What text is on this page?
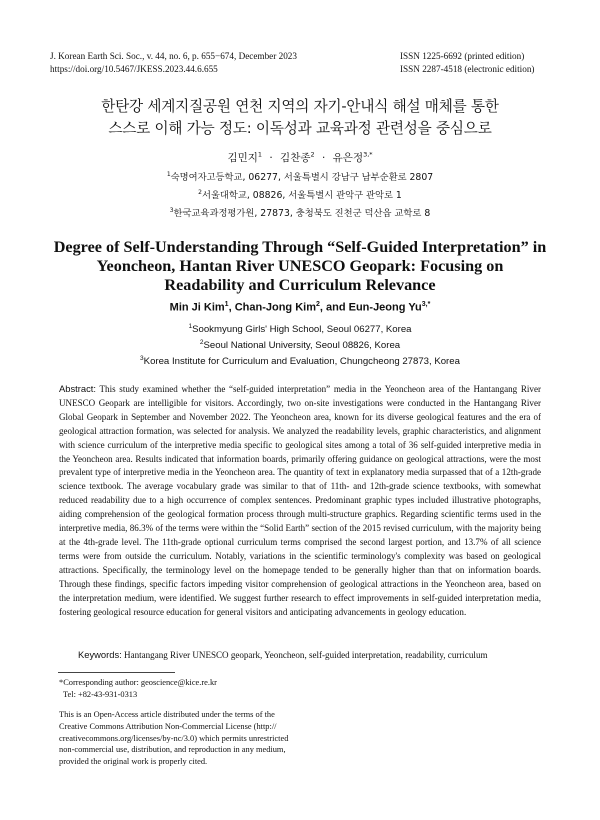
J. Korean Earth Sci. Soc., v. 44, no. 6, p. 655−674, December 2023
https://doi.org/10.5467/JKESS.2023.44.6.655
ISSN 1225-6692 (printed edition)
ISSN 2287-4518 (electronic edition)
한탄강 세계지질공원 연천 지역의 자기-안내식 해설 매체를 통한
스스로 이해 가능 정도: 이독성과 교육과정 관련성을 중심으로
김민지$^1$ · 김찬종$^2$ · 유은정$^{3,*}$
$^1$숙명여자고등학교, 06277, 서울특별시 강남구 남부순환로 2807
$^2$서울대학교, 08826, 서울특별시 관악구 관악로 1
$^3$한국교육과정평가원, 27873, 충청북도 진천군 덕산읍 교학로 8
Degree of Self-Understanding Through “Self-Guided Interpretation” in
Yeoncheon, Hantan River UNESCO Geopark: Focusing on
Readability and Curriculum Relevance
Min Ji Kim$^1$, Chan-Jong Kim$^2$, and Eun-Jeong $Yu^{3,*}$
$^1$Sookmyung Girls' High School, Seoul 06277, Korea
$^2$Seoul National University, Seoul 08826, Korea
$^3$Korea Institute for Curriculum and Evaluation, Chungcheong 27873, Korea
Abstract: This study examined whether the “self-guided interpretation” media in the Yeoncheon area of the Hantangang River UNESCO Geopark are intelligible for visitors. Accordingly, two on-site investigations were conducted in the Hantangang River Global Geopark in September and November 2022. The Yeoncheon area, known for its diverse geological features and the era of geological attraction formation, was selected for analysis. We analyzed the readability levels, graphic characteristics, and alignment with science curriculum of the interpretive media specific to geological sites among a total of 36 self-guided interpretive media in the Yeoncheon area. Results indicated that information boards, primarily offering guidance on geological attractions, were the most prevalent type of interpretive media in the Yeoncheon area. The quantity of text in explanatory media surpassed that of a 12th-grade science textbook. The average vocabulary grade was similar to that of 11th- and 12th-grade science textbooks, with somewhat reduced readability due to a high occurrence of complex sentences. Predominant graphic types included illustrative photographs, aiding comprehension of the geological formation process through multi-structure graphics. Regarding scientific terms used in the interpretive media, 86.3% of the terms were within the “Solid Earth” section of the 2015 revised curriculum, with the majority being at the 4th-grade level. The 11th-grade optional curriculum terms comprised the second largest portion, and 13.7% of all science terms were from outside the curriculum. Notably, variations in the scientific terminology's complexity was based on geological attractions. Specifically, the terminology level on the homepage tended to be generally higher than that on information boards. Through these findings, specific factors impeding visitor comprehension of geological attractions in the Yeoncheon area, based on the interpretation medium, were identified. We suggest further research to effect improvements in self-guided interpretation media, fostering geological resource education for general visitors and anticipating advancements in geology education.
Keywords: Hantangang River UNESCO geopark, Yeoncheon, self-guided interpretation, readability, curriculum
*Corresponding author: geoscience@kice.re.kr
Tel: +82-43-931-0313
This is an Open-Access article distributed under the terms of the
Creative Commons Attribution Non-Commercial License (http://
creativecommons.org/licenses/by-nc/3.0) which permits unrestricted
non-commercial use, distribution, and reproduction in any medium,
provided the original work is properly cited.
